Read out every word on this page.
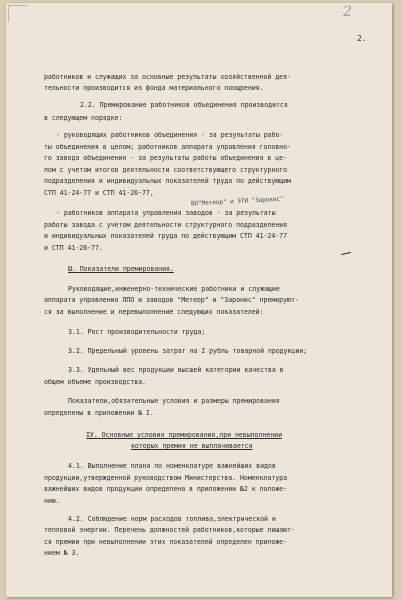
2
2.
ВО"Метеор" и ЭТИ "Зарокис"
работников и служащих за основные результаты хозяйственной дея-
тельности производится из фонда материального поощрения.
2.2. Премирование работников объединения производится
в следующем порядке:
- руководящих работников объединения - за результаты рабо-
ты объединения в целом; работников аппарата управления головно-
го завода объединения - за результаты работы объединения в це-
лом с учетом итогов деятельности соответствующего структурного
подразделения и индивидуальных показателей труда по действующим
СТП 41-24-77 и СТП 41-26-77,
- работников аппарата управления заводов - за результаты
работы завода с учетом деятельности структурного подразделения
и индивидуальных показателей труда по действующим СТП 41-24-77
и СТП 41-26-77.
Ш. Показатели премирования.
Руководящие,инженерно-технические работники и служащие
аппарата управления ЛПО и заводов "Метеор" и "Заронис" премируют-
ся за выполнение и перевыполнение следующих показателей:
3.1. Рост производительности труда;
3.2. Предельный уровень затрат на I рубль товарной продукции;
3.3. Удельный вес продукции высшей категории качества в
общем объеме производства.
Показатели,обязательные условия и размеры премирования
определены в приложении № I.
IУ. Основные условия премирования,при невыполнении
которых премия не выплачивается
4.1. Выполнение плана по номенклатуре важнейших видов
продукции,утвержденной руководством Министерства. Номенклатура
важнейших видов продукции определена в приложении №2 к положе-
нию.
4.2. Соблюдение норм расходов топлива,электрической и
тепловой энергии. Перечень должностей работников,которые лишают-
ся премии при невыполнении этих показателей определен приложе-
нием № 3.
